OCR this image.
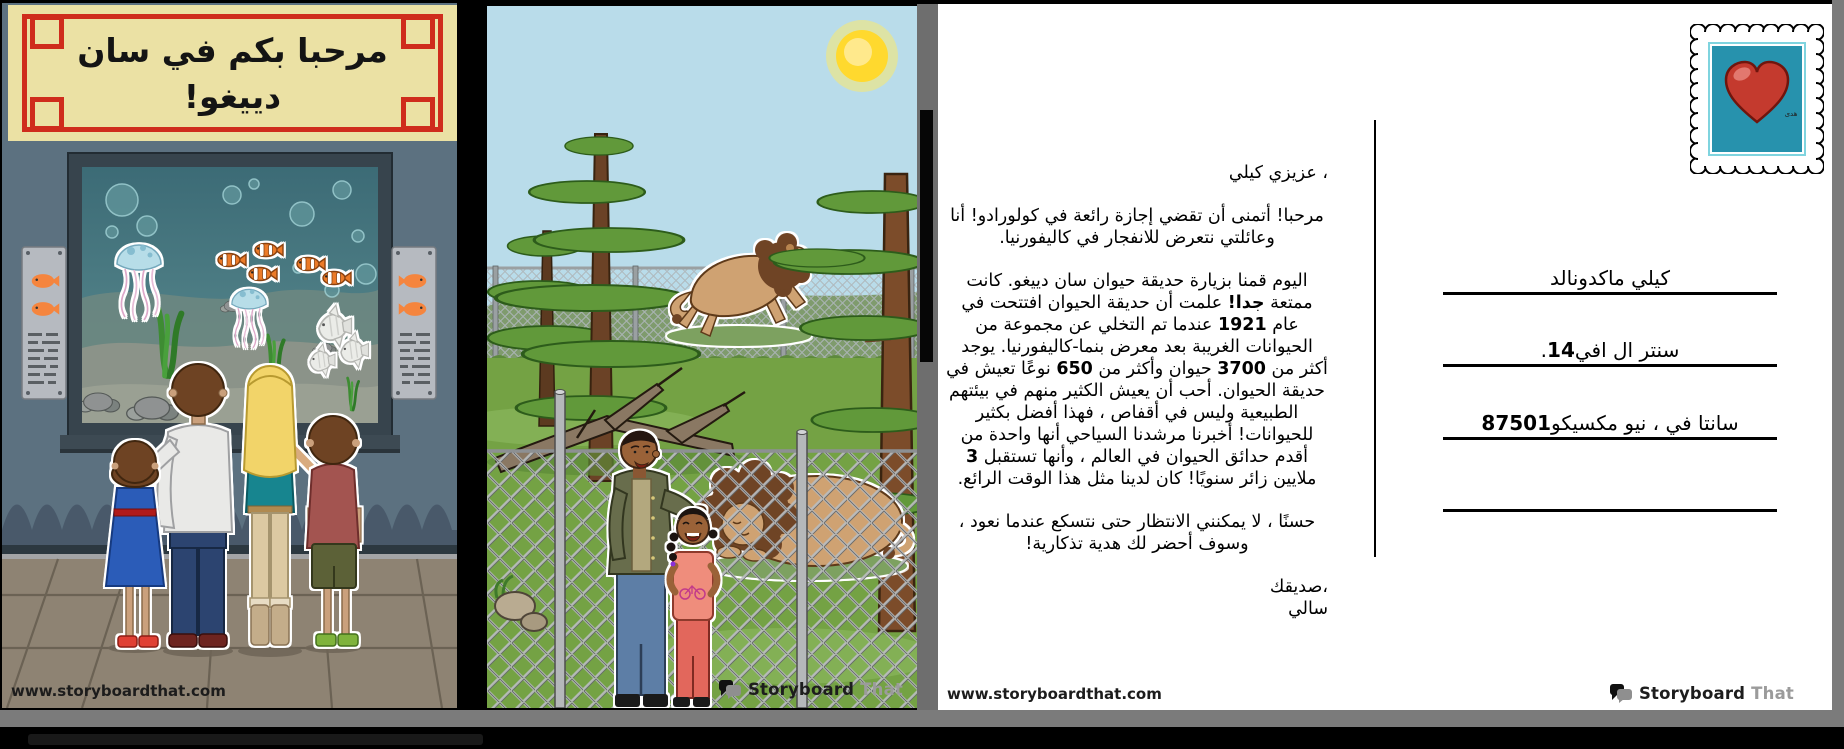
مرحبا بكم في سان دييغو!
www.storyboardthat.com	Storyboard That
هدى

، عزيزي كيلي

مرحبا! أتمنى أن تقضي إجازة رائعة في كولورادو! أنا وعائلتي نتعرض للانفجار في كاليفورنيا.

اليوم قمنا بزيارة حديقة حيوان سان دييغو. كانت ممتعة جدا! علمت أن حديقة الحيوان افتتحت في عام 1921 عندما تم التخلي عن مجموعة من الحيوانات الغريبة بعد معرض بنما-كاليفورنيا. يوجد أكثر من 3700 حيوان وأكثر من 650 نوعًا تعيش في حديقة الحيوان. أحب أن يعيش الكثير منهم في بيئتهم الطبيعية وليس في أقفاص ، فهذا أفضل بكثير للحيوانات! أخبرنا مرشدنا السياحي أنها واحدة من أقدم حدائق الحيوان في العالم ، وأنها تستقبل 3 ملايين زائر سنويًا! كان لدينا مثل هذا الوقت الرائع.

حسنًا ، لا يمكنني الانتظار حتى نتسكع عندما نعود ، وسوف أحضر لك هدية تذكارية!

،صديقك

سالي

كيلي ماكدونالد
سنتر ال افي
14
.
سانتا في ، نيو مكسيكو
87501
www.storyboardthat.com	Storyboard That
